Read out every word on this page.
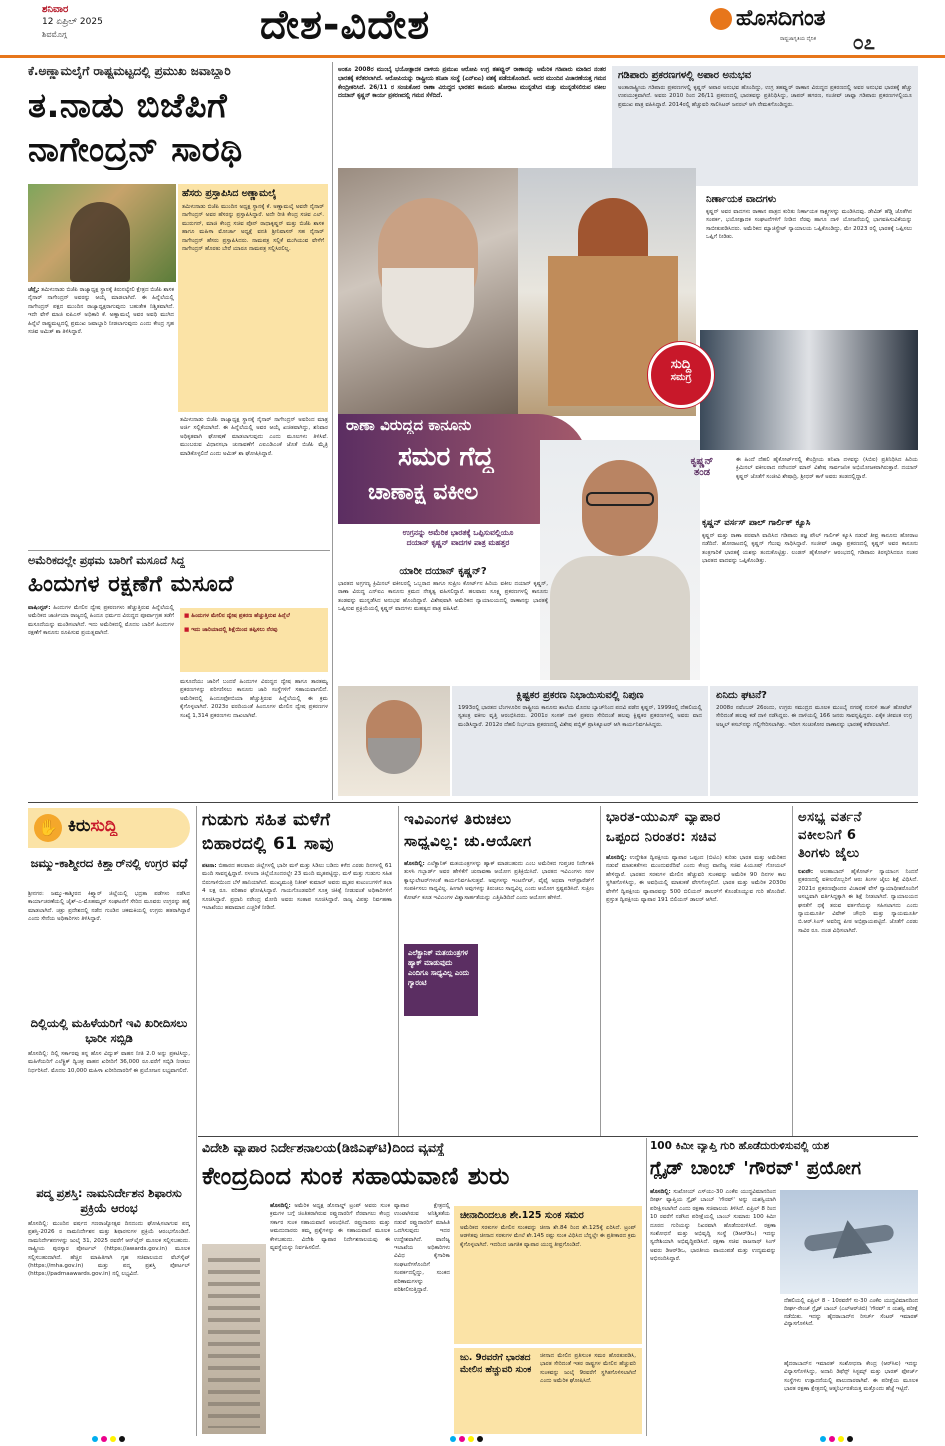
ಶನಿವಾರ
12 ಏಪ್ರಿಲ್ 2025
ಶಿವಮೊಗ್ಗ	ದೇಶ-ವಿದೇಶ	ಹೊಸದಿಗಂತ
ರಾಷ್ಟ್ರಜಾಗೃತಿಯ ದೈನಿಕ	೦೭
ಕೆ.ಅಣ್ಣಾಮಲೈಗೆ ರಾಷ್ಟ್ರಮಟ್ಟದಲ್ಲಿ ಪ್ರಮುಖ ಜವಾಬ್ದಾರಿ
ತ.ನಾಡು ಬಿಜೆಪಿಗೆ
ನಾಗೇಂದ್ರನ್ ಸಾರಥಿ
ಹೆಸರು ಪ್ರಸ್ತಾಪಿಸಿದ ಅಣ್ಣಾಮಲೈ
ತಮಿಳುನಾಡು ಬಿಜೆಪಿ ಮುಂದಿನ ಅಧ್ಯಕ್ಷ ಸ್ಥಾನಕ್ಕೆ ಕೆ. ಅಣ್ಣಾಮಲೈ ಅವರೇ ನೈನಾರ್ ನಾಗೇಂದ್ರನ್ ಅವರ ಹೆಸರನ್ನು ಪ್ರಸ್ತಾಪಿಸಿದ್ದಾರೆ. ಅದೇ ರೀತಿ ಕೇಂದ್ರ ಸಚಿವ ಎಲ್. ಮುರುಗನ್, ಮಾಜಿ ಕೇಂದ್ರ ಸಚಿವ ಪೊನ್ ರಾಧಾಕೃಷ್ಣನ್ ಮತ್ತು ಬಿಜೆಪಿ ಶಾಸಕ ಹಾಗೂ ಮಹಿಳಾ ಮೋರ್ಚಾ ಅಧ್ಯಕ್ಷೆ ವನತಿ ಶ್ರೀನಿವಾಸನ್ ಸಹ ನೈನಾರ್ ನಾಗೇಂದ್ರನ್ ಹೆಸರು ಪ್ರಸ್ತಾಪಿಸಿದರು. ನಾಮಪತ್ರ ಸಲ್ಲಿಕೆ ಮುಗಿಯುವ ವೇಳೆಗೆ ನಾಗೇಂದ್ರನ್ ಹೊರತು ಬೇರೆ ಯಾರೂ ನಾಮಪತ್ರ ಸಲ್ಲಿಸಿರಲಿಲ್ಲ.
ಚೆನ್ನೈ: ತಮಿಳುನಾಡು ಬಿಜೆಪಿ ರಾಜ್ಯಾಧ್ಯಕ್ಷ ಸ್ಥಾನಕ್ಕೆ ತಿರುನಲ್ವೇಲಿ ಕ್ಷೇತ್ರದ ಬಿಜೆಪಿ ಶಾಸಕ ನೈನಾರ್ ನಾಗೇಂದ್ರನ್ ಅವರನ್ನು ಆಯ್ಕೆ ಮಾಡಲಾಗಿದೆ. ಈ ಹಿನ್ನೆಲೆಯಲ್ಲಿ ನಾಗೇಂದ್ರನ್ ಪಕ್ಷದ ಮುಂದಿನ ರಾಜ್ಯಾಧ್ಯಕ್ಷರಾಗುವುದು ಬಹುತೇಕ ನಿಶ್ಚಿತವಾಗಿದೆ. ಇದೇ ವೇಳೆ ಮಾಜಿ ಐಪಿಎಸ್ ಅಧಿಕಾರಿ ಕೆ. ಅಣ್ಣಾಮಲೈ ಅವರ ಅವಧಿ ಮುಗಿದ ಹಿನ್ನೆಲೆ ರಾಷ್ಟ್ರಮಟ್ಟದಲ್ಲಿ ಪ್ರಮುಖ ಜವಾಬ್ದಾರಿ ನೀಡಲಾಗುವುದು ಎಂದು ಕೇಂದ್ರ ಗೃಹ ಸಚಿವ ಅಮಿತ್ ಶಾ ತಿಳಿಸಿದ್ದಾರೆ.
ತಮಿಳುನಾಡು ಬಿಜೆಪಿ ರಾಜ್ಯಾಧ್ಯಕ್ಷ ಸ್ಥಾನಕ್ಕೆ ನೈನಾರ್ ನಾಗೇಂದ್ರನ್ ಅವರಿಂದ ಮಾತ್ರ ಅರ್ಜಿ ಸಲ್ಲಿಕೆಯಾಗಿದೆ. ಈ ಹಿನ್ನೆಲೆಯಲ್ಲಿ ಅವರ ಆಯ್ಕೆ ಖಚಿತವಾಗಿದ್ದು, ಶನಿವಾರ ಅಧಿಕೃತವಾಗಿ ಘೋಷಣೆ ಮಾಡಲಾಗುವುದು ಎಂದು ಮೂಲಗಳು ತಿಳಿಸಿವೆ. ಮುಂಬರುವ ವಿಧಾನಸಭಾ ಚುನಾವಣೆಗೆ ಎಐಎಡಿಎಂಕೆ ಜೊತೆ ಬಿಜೆಪಿ ಮೈತ್ರಿ ಮಾಡಿಕೊಳ್ಳಲಿದೆ ಎಂದು ಅಮಿತ್ ಶಾ ಘೋಷಿಸಿದ್ದಾರೆ.
ಅಮೆರಿಕದಲ್ಲೇ ಪ್ರಥಮ ಬಾರಿಗೆ ಮಸೂದೆ ಸಿದ್ಧ
ಹಿಂದುಗಳ ರಕ್ಷಣೆಗೆ ಮಸೂದೆ
ವಾಷಿಂಗ್ಟನ್: ಹಿಂದುಗಳ ಮೇಲಿನ ದ್ವೇಷ ಪ್ರಕರಣಗಳು ಹೆಚ್ಚುತ್ತಿರುವ ಹಿನ್ನೆಲೆಯಲ್ಲಿ ಅಮೆರಿಕದ ಜಾರ್ಜಿಯಾ ರಾಜ್ಯದಲ್ಲಿ ಹಿಂದೂ ಧರ್ಮದ ವಿರುದ್ಧದ ಪೂರ್ವಾಗ್ರಹ ತಡೆಗೆ ಮಸೂದೆಯನ್ನು ಮಂಡಿಸಲಾಗಿದೆ. ಇದು ಅಮೆರಿಕದಲ್ಲಿ ಮೊದಲ ಬಾರಿಗೆ ಹಿಂದುಗಳ ರಕ್ಷಣೆಗೆ ಕಾನೂನು ರೂಪಿಸುವ ಪ್ರಯತ್ನವಾಗಿದೆ.
■ ಹಿಂದುಗಳ ಮೇಲಿನ ದ್ವೇಷ ಪ್ರಕರಣ ಹೆಚ್ಚುತ್ತಿರುವ ಹಿನ್ನೆಲೆ
■ ಇದು ಜಾರಿಯಾದಲ್ಲಿ ಶಿಕ್ಷೆಯಿಂದ ತಪ್ಪಿಸಲು ನೆರವು
ಮಸೂದೆಯು ಜಾರಿಗೆ ಬಂದರೆ ಹಿಂದುಗಳ ವಿರುದ್ಧದ ದ್ವೇಷ ಹಾಗೂ ತಾರತಮ್ಯ ಪ್ರಕರಣಗಳನ್ನು ಪರಿಗಣಿಸಲು ಕಾನೂನು ಜಾರಿ ಸಂಸ್ಥೆಗಳಿಗೆ ಸಹಾಯವಾಗಲಿದೆ. ಅಮೆರಿಕದಲ್ಲಿ ಹಿಂದೂಫೋಬಿಯಾ ಹೆಚ್ಚುತ್ತಿರುವ ಹಿನ್ನೆಲೆಯಲ್ಲಿ ಈ ಕ್ರಮ ಕೈಗೊಳ್ಳಲಾಗಿದೆ. 2023ರ ವರದಿಯಂತೆ ಹಿಂದೂಗಳ ಮೇಲಿನ ದ್ವೇಷ ಪ್ರಕರಣಗಳ ಸಂಖ್ಯೆ 1,314 ಪ್ರಕರಣಗಳು ದಾಖಲಾಗಿವೆ.
ಅಂತೂ 2008ರ ಮುಂಬೈ ಭಯೋತ್ಪಾದಕ ದಾಳಿಯ ಪ್ರಮುಖ ಆರೋಪಿ ಉಗ್ರ ತಹವ್ವುರ್ ರಾಣಾನನ್ನು ಅಮೆರಿಕ ಗಡಿಪಾರು ಮಾಡಿದ ನಂತರ ಭಾರತಕ್ಕೆ ಕರೆತರಲಾಗಿದೆ. ಆರೋಪಿಯನ್ನು ರಾಷ್ಟ್ರೀಯ ತನಿಖಾ ಸಂಸ್ಥೆ (ಎನ್ಐಎ) ವಶಕ್ಕೆ ಪಡೆದುಕೊಂಡಿದೆ. ಅದರ ಮುಂದಿನ ವಿಚಾರಣೆಯತ್ತ ಗಮನ ಕೇಂದ್ರೀಕರಿಸಿದೆ. 26/11 ರ ಸಂಚುಕೋರ ರಾಣಾ ವಿರುದ್ಧದ ಭಾರತದ ಕಾನೂನು ಹೋರಾಟ ಮುನ್ನಡೆಸಿದ ಮತ್ತು ಮುನ್ನಡೆಸಲಿರುವ ವಕೀಲ ದಯಾನ್ ಕೃಷ್ಣನ್ ಕಾರ್ಯ ಪ್ರಕರಣದಲ್ಲಿ ಗಮನ ಸೆಳೆದಿದೆ.
ಗಡಿಪಾರು ಪ್ರಕರಣಗಳಲ್ಲಿ ಅಪಾರ ಅನುಭವ
ಅಂತಾರಾಷ್ಟ್ರೀಯ ಗಡಿಪಾರು ಪ್ರಕರಣಗಳಲ್ಲಿ ಕೃಷ್ಣನ್ ಅಪಾರ ಅನುಭವ ಹೊಂದಿದ್ದು, ಉಗ್ರ ತಹವ್ವುರ್ ರಾಣಾನ ವಿರುದ್ಧದ ಪ್ರಕರಣದಲ್ಲಿ ಅವರ ಅನುಭವ ಭಾರತಕ್ಕೆ ಹೆಚ್ಚು ಉಪಯುಕ್ತವಾಗಿದೆ. ಅವರು 2010 ರಿಂದ 26/11 ಪ್ರಕರಣದಲ್ಲಿ ಭಾರತವನ್ನು ಪ್ರತಿನಿಧಿಸಿದ್ದು, ಚಾಪರ್ ಹಗರಣ, ಸಂಜೀವ್ ಚಾವ್ಲಾ ಗಡಿಪಾರು ಪ್ರಕರಣಗಳಲ್ಲಿಯೂ ಪ್ರಮುಖ ಪಾತ್ರ ವಹಿಸಿದ್ದಾರೆ. 2014ರಲ್ಲಿ ಹೆಚ್ಚುವರಿ ಸಾಲಿಸಿಟರ್ ಜನರಲ್ ಆಗಿ ನೇಮಕಗೊಂಡಿದ್ದರು.
ನಿರ್ಣಾಯಕ ವಾದಗಳು
ಕೃಷ್ಣನ್ ಅವರ ವಾದಗಳು ರಾಣಾನ ಪಾತ್ರದ ಕುರಿತು ನಿರ್ಣಾಯಕ ಸಾಕ್ಷ್ಯಗಳನ್ನು ಮಂಡಿಸಿದವು. ಡೇವಿಡ್ ಹೆಡ್ಲಿ ಜೊತೆಗಿನ ಸಂಪರ್ಕ, ಭಯೋತ್ಪಾದಕ ಸಂಘಟನೆಗಳಿಗೆ ನೀಡಿದ ನೆರವು ಹಾಗೂ ದಾಳಿ ಯೋಜನೆಯಲ್ಲಿ ಭಾಗವಹಿಸುವಿಕೆಯನ್ನು ಸಾಬೀತುಪಡಿಸಿದರು. ಅಮೆರಿಕದ ಮ್ಯಾಜಿಸ್ಟ್ರೇಟ್ ನ್ಯಾಯಾಲಯ ಒಪ್ಪಿಕೊಂಡಿದ್ದು, ಮೇ 2023 ರಲ್ಲಿ ಭಾರತಕ್ಕೆ ಒಪ್ಪಿಸಲು ಒಪ್ಪಿಗೆ ನೀಡಿತು.
ಸುದ್ದಿ
ಸಮಗ್ರ
ರಾಣಾ ವಿರುದ್ಧದ ಕಾನೂನು
ಸಮರ ಗೆದ್ದ
ಚಾಣಾಕ್ಷ ವಕೀಲ
ಉಗ್ರನನ್ನು ಅಮೆರಿಕ ಭಾರತಕ್ಕೆ ಒಪ್ಪಿಸುವಲ್ಲಿಯೂ
ದಯಾನ್ ಕೃಷ್ಣನ್ ವಾದಗಳ ಪಾತ್ರ ಮಹತ್ತರ
ಯಾರೀ ದಯಾನ್ ಕೃಷ್ಣನ್?
ಭಾರತದ ಅಗ್ರಗಣ್ಯ ಕ್ರಿಮಿನಲ್ ವಕೀಲರಲ್ಲಿ ಒಬ್ಬರಾದ ಹಾಗೂ ಸುಪ್ರೀಂ ಕೋರ್ಟ್‌ನ ಹಿರಿಯ ವಕೀಲ ದಯಾನ್ ಕೃಷ್ಣನ್, ರಾಣಾ ವಿರುದ್ಧ ಎನ್ಐಎ ಕಾನೂನು ಕ್ರಮದ ನೇತೃತ್ವ ವಹಿಸಲಿದ್ದಾರೆ. ಹಲವಾರು ಸೂಕ್ಷ್ಮ ಪ್ರಕರಣಗಳಲ್ಲಿ ಕಾನೂನು ತಂಡವನ್ನು ಮುನ್ನಡೆಸಿದ ಅನುಭವ ಹೊಂದಿದ್ದಾರೆ. ವಿಶೇಷವಾಗಿ ಅಮೆರಿಕದ ನ್ಯಾಯಾಲಯದಲ್ಲಿ ರಾಣಾನನ್ನು ಭಾರತಕ್ಕೆ ಒಪ್ಪಿಸುವ ಪ್ರಕ್ರಿಯೆಯಲ್ಲಿ ಕೃಷ್ಣನ್ ವಾದಗಳು ಮಹತ್ವದ ಪಾತ್ರ ವಹಿಸಿವೆ.
ಕೃಷ್ಣನ್
ತಂಡ
ಈ ಹಿಂದೆ ದೆಹಲಿ ಹೈಕೋರ್ಟ್‌ನಲ್ಲಿ ಕೇಂದ್ರೀಯ ತನಿಖಾ ದಳವನ್ನು (ಸಿಬಿಐ) ಪ್ರತಿನಿಧಿಸಿದ ಹಿರಿಯ ಕ್ರಿಮಿನಲ್ ವಕೀಲರಾದ ನರೇಂದರ್ ಮಾನ್ ವಿಶೇಷ ಸಾರ್ವಜನಿಕ ಅಭಿಯೋಜಕರಾಗಿರುತ್ತಾರೆ. ದಯಾನ್ ಕೃಷ್ಣನ್ ಜೊತೆಗೆ ಸಂಜೀವಿ ಶೇಷಾದ್ರಿ, ಶ್ರೀಧರ್ ಕಾಳೆ ಅವರು ತಂಡದಲ್ಲಿದ್ದಾರೆ.
ಕೃಷ್ಣನ್ ವರ್ಸಸ್ ಪಾಲ್ ಗಾರ್ಲಿಕ್ ಕ್ಯೂಸಿ
ಕೃಷ್ಣನ್ ಮತ್ತು ರಾಣಾ ಪರವಾಗಿ ವಾದಿಸಿದ ಗಡಿಪಾರು ತಜ್ಞ ಪೌಲ್ ಗಾರ್ಲಿಕ್ ಕ್ಯೂಸಿ ನಡುವೆ ತೀವ್ರ ಕಾನೂನು ಹೋರಾಟ ನಡೆದಿದೆ. ಹೋರಾಟದಲ್ಲಿ ಕೃಷ್ಣನ್ ಗೆಲುವು ಸಾಧಿಸಿದ್ದಾರೆ. ಸಂಜೀವ್ ಚಾವ್ಲಾ ಪ್ರಕರಣದಲ್ಲಿ ಕೃಷ್ಣನ್ ಅವರ ಕಾನೂನು ತಂತ್ರಗಾರಿಕೆ ಭಾರತಕ್ಕೆ ಯಶಸ್ಸು ತಂದುಕೊಟ್ಟಿತ್ತು. ಲಂಡನ್ ಹೈಕೋರ್ಟ್ ಆರಂಭದಲ್ಲಿ ಗಡಿಪಾರು ತಿರಸ್ಕರಿಸಿದರೂ ನಂತರ ಭಾರತದ ವಾದವನ್ನು ಒಪ್ಪಿಕೊಂಡಿತ್ತು.
ಕ್ಲಿಷ್ಟಕರ ಪ್ರಕರಣ ನಿಭಾಯಿಸುವಲ್ಲಿ ನಿಪುಣ
1993ರಲ್ಲಿ ಭಾರತದ ಬೆಂಗಳೂರಿನ ರಾಷ್ಟ್ರೀಯ ಕಾನೂನು ಶಾಲೆಯ ಮೊದಲ ಬ್ಯಾಚ್‌ನಿಂದ ಪದವಿ ಪಡೆದ ಕೃಷ್ಣನ್, 1999ರಲ್ಲಿ ದೆಹಲಿಯಲ್ಲಿ ಸ್ವತಂತ್ರ ವಕೀಲ ವೃತ್ತಿ ಆರಂಭಿಸಿದರು. 2001ರ ಸಂಸತ್ ದಾಳಿ ಪ್ರಕರಣ ಸೇರಿದಂತೆ ಹಲವು ಕ್ಲಿಷ್ಟಕರ ಪ್ರಕರಣಗಳಲ್ಲಿ ಅವರು ವಾದ ಮಂಡಿಸಿದ್ದಾರೆ. 2012ರ ದೆಹಲಿ ನಿರ್ಭಯಾ ಪ್ರಕರಣದಲ್ಲಿ ವಿಶೇಷ ಪಬ್ಲಿಕ್ ಪ್ರಾಸಿಕ್ಯೂಟರ್ ಆಗಿ ಕಾರ್ಯನಿರ್ವಹಿಸಿದ್ದರು.
ಏನಿದು ಘಟನೆ?
2008ರ ನವೆಂಬರ್ 26ರಂದು, ಉಗ್ರರು ಸಮುದ್ರದ ಮೂಲಕ ಮುಂಬೈ ನಗರಕ್ಕೆ ನುಸುಳಿ ತಾಜ್ ಹೋಟೆಲ್ ಸೇರಿದಂತೆ ಹಲವು ಕಡೆ ದಾಳಿ ನಡೆಸಿದ್ದರು. ಈ ದಾಳಿಯಲ್ಲಿ 166 ಜನರು ಸಾವನ್ನಪ್ಪಿದ್ದರು. ಏಕೈಕ ಜೀವಂತ ಉಗ್ರ ಅಜ್ಮಲ್ ಕಸಬ್‌ನನ್ನು ಗಲ್ಲಿಗೇರಿಸಲಾಗಿತ್ತು. ಇದೀಗ ಸಂಚುಕೋರ ರಾಣಾನನ್ನು ಭಾರತಕ್ಕೆ ಕರೆತರಲಾಗಿದೆ.
✋ ಕಿರುಸುದ್ದಿ
ಜಮ್ಮು-ಕಾಶ್ಮೀರದ ಕಿಶ್ತ್ವಾರ್‌ನಲ್ಲಿ ಉಗ್ರರ ವಧೆ
ಶ್ರೀನಗರ: ಜಮ್ಮು-ಕಾಶ್ಮೀರದ ಕಿಶ್ತ್ವಾರ್ ಜಿಲ್ಲೆಯಲ್ಲಿ ಭದ್ರತಾ ಪಡೆಗಳು ನಡೆಸಿದ ಕಾರ್ಯಾಚರಣೆಯಲ್ಲಿ ಜೈಶ್-ಎ-ಮೊಹಮ್ಮದ್ ಸಂಘಟನೆಗೆ ಸೇರಿದ ಮೂವರು ಉಗ್ರರನ್ನು ಹತ್ಯೆ ಮಾಡಲಾಗಿದೆ. ಚತ್ರು ಪ್ರದೇಶದಲ್ಲಿ ನಡೆದ ಗುಂಡಿನ ಚಕಮಕಿಯಲ್ಲಿ ಉಗ್ರರು ಹತರಾಗಿದ್ದಾರೆ ಎಂದು ಸೇನೆಯ ಅಧಿಕಾರಿಗಳು ತಿಳಿಸಿದ್ದಾರೆ.
ದಿಲ್ಲಿಯಲ್ಲಿ ಮಹಿಳೆಯರಿಗೆ ಇವಿ ಖರೀದಿಸಲು ಭಾರೀ ಸಬ್ಸಿಡಿ
ಹೊಸದಿಲ್ಲಿ: ದಿಲ್ಲಿ ಸರ್ಕಾರವು ತನ್ನ ಹೊಸ ವಿದ್ಯುತ್ ವಾಹನ ನೀತಿ 2.0 ಅನ್ನು ಪ್ರಕಟಿಸಿದ್ದು, ಮಹಿಳೆಯರಿಗೆ ಎಲೆಕ್ಟ್ರಿಕ್ ದ್ವಿಚಕ್ರ ವಾಹನ ಖರೀದಿಗೆ 36,000 ರೂ.ವರೆಗೆ ಸಬ್ಸಿಡಿ ನೀಡಲು ನಿರ್ಧರಿಸಿದೆ. ಮೊದಲ 10,000 ಮಹಿಳಾ ಖರೀದಿದಾರರಿಗೆ ಈ ಪ್ರಯೋಜನ ಲಭ್ಯವಾಗಲಿದೆ.
ಪದ್ಮ ಪ್ರಶಸ್ತಿ: ನಾಮನಿರ್ದೇಶನ ಶಿಫಾರಸು ಪ್ರಕ್ರಿಯೆ ಆರಂಭ
ಹೊಸದಿಲ್ಲಿ: ಮುಂದಿನ ವರ್ಷದ ಗಣರಾಜ್ಯೋತ್ಸವ ದಿನದಂದು ಘೋಷಿಸಲಾಗುವ ಪದ್ಮ ಪ್ರಶಸ್ತಿ-2026 ರ ನಾಮನಿರ್ದೇಶನ ಮತ್ತು ಶಿಫಾರಸುಗಳ ಪ್ರಕ್ರಿಯೆ ಆರಂಭಗೊಂಡಿದೆ. ನಾಮನಿರ್ದೇಶನಗಳನ್ನು ಜುಲೈ 31, 2025 ರವರೆಗೆ ಆನ್‌ಲೈನ್ ಮೂಲಕ ಸಲ್ಲಿಸಬಹುದು. ರಾಷ್ಟ್ರೀಯ ಪುರಸ್ಕಾರ ಪೋರ್ಟಲ್ (https://awards.gov.in) ಮೂಲಕ ಸಲ್ಲಿಸಬಹುದಾಗಿದೆ. ಹೆಚ್ಚಿನ ಮಾಹಿತಿಗಾಗಿ ಗೃಹ ಸಚಿವಾಲಯದ ವೆಬ್‌ಸೈಟ್‌ (https://mha.gov.in) ಮತ್ತು ಪದ್ಮ ಪ್ರಶಸ್ತಿ ಪೋರ್ಟಲ್ (https://padmaawards.gov.in) ನಲ್ಲಿ ಲಭ್ಯವಿದೆ.
ಗುಡುಗು ಸಹಿತ ಮಳೆಗೆ
ಬಿಹಾರದಲ್ಲಿ 61 ಸಾವು
ಪಟನಾ: ಬಿಹಾರದ ಹಲವಾರು ಜಿಲ್ಲೆಗಳಲ್ಲಿ ಭಾರೀ ಮಳೆ ಮತ್ತು ಸಿಡಿಲು ಬಡಿದು ಕಳೆದ ಎರಡು ದಿನಗಳಲ್ಲಿ 61 ಮಂದಿ ಸಾವನ್ನಪ್ಪಿದ್ದಾರೆ. ನಳಂದಾ ಜಿಲ್ಲೆಯೊಂದರಲ್ಲೇ 23 ಮಂದಿ ಮೃತಪಟ್ಟಿದ್ದು, ಮಳೆ ಮತ್ತು ಗುಡುಗು ಸಹಿತ ಬಿರುಗಾಳಿಯಿಂದ ಬೆಳೆ ಹಾನಿಯಾಗಿದೆ. ಮುಖ್ಯಮಂತ್ರಿ ನಿತೀಶ್ ಕುಮಾರ್ ಅವರು ಮೃತರ ಕುಟುಂಬಗಳಿಗೆ ತಲಾ 4 ಲಕ್ಷ ರೂ. ಪರಿಹಾರ ಘೋಷಿಸಿದ್ದಾರೆ. ಗಾಯಗೊಂಡವರಿಗೆ ಸೂಕ್ತ ಚಿಕಿತ್ಸೆ ನೀಡುವಂತೆ ಅಧಿಕಾರಿಗಳಿಗೆ ಸೂಚಿಸಿದ್ದಾರೆ. ಪ್ರಧಾನಿ ನರೇಂದ್ರ ಮೋದಿ ಅವರು ಸಂತಾಪ ಸೂಚಿಸಿದ್ದಾರೆ. ರಾಜ್ಯ ವಿಪತ್ತು ನಿರ್ವಹಣಾ ಇಲಾಖೆಯು ಹವಾಮಾನ ಎಚ್ಚರಿಕೆ ನೀಡಿದೆ.
ಇವಿಎಂಗಳ ತಿರುಚಲು
ಸಾಧ್ಯವಿಲ್ಲ: ಚು.ಆಯೋಗ
ಹೊಸದಿಲ್ಲಿ: ಎಲೆಕ್ಟ್ರಾನಿಕ್ ಮತಯಂತ್ರಗಳನ್ನು ಹ್ಯಾಕ್ ಮಾಡಬಹುದು ಎಂಬ ಅಮೆರಿಕದ ಗುಪ್ತಚರ ನಿರ್ದೇಶಕಿ ತುಳಸಿ ಗಬ್ಬಾರ್ಡ್ ಅವರ ಹೇಳಿಕೆಗೆ ಚುನಾವಣಾ ಆಯೋಗ ಪ್ರತಿಕ್ರಿಯಿಸಿದೆ. ಭಾರತದ ಇವಿಎಂಗಳು ಸರಳ ಕ್ಯಾಲ್ಕುಲೇಟರ್‌ಗಳಂತೆ ಕಾರ್ಯನಿರ್ವಹಿಸುತ್ತವೆ. ಅವುಗಳನ್ನು ಇಂಟರ್ನೆಟ್, ವೈಫೈ ಅಥವಾ ಇನ್‌ಫ್ರಾರೆಡ್‌ಗೆ ಸಂಪರ್ಕಿಸಲು ಸಾಧ್ಯವಿಲ್ಲ. ಹೀಗಾಗಿ ಅವುಗಳನ್ನು ತಿರುಚಲು ಸಾಧ್ಯವಿಲ್ಲ ಎಂದು ಆಯೋಗ ಸ್ಪಷ್ಟಪಡಿಸಿದೆ. ಸುಪ್ರೀಂ ಕೋರ್ಟ್ ಕೂಡ ಇವಿಎಂಗಳ ವಿಶ್ವಾಸಾರ್ಹತೆಯನ್ನು ಎತ್ತಿಹಿಡಿದಿದೆ ಎಂದು ಆಯೋಗ ಹೇಳಿದೆ.
ಎಲೆಕ್ಟ್ರಾನಿಕ್ ಮತಯಂತ್ರಗಳ ಹ್ಯಾಕ್ ಮಾಡುವುದು ಎಂದಿಗೂ ಸಾಧ್ಯವಿಲ್ಲ ಎಂದು ಗ್ಯಾರಂಟಿ
ಭಾರತ-ಯುಎಸ್ ವ್ಯಾಪಾರ
ಒಪ್ಪಂದ ನಿರಂತರ: ಸಚಿವ
ಹೊಸದಿಲ್ಲಿ: ಉದ್ದೇಶಿತ ದ್ವಿಪಕ್ಷೀಯ ವ್ಯಾಪಾರ ಒಪ್ಪಂದ (ಬಿಟಿಎ) ಕುರಿತು ಭಾರತ ಮತ್ತು ಅಮೆರಿಕದ ನಡುವೆ ಮಾತುಕತೆಗಳು ಮುಂದುವರೆದಿವೆ ಎಂದು ಕೇಂದ್ರ ವಾಣಿಜ್ಯ ಸಚಿವ ಪಿಯೂಷ್ ಗೋಯಲ್ ಹೇಳಿದ್ದಾರೆ. ಭಾರತದ ಸರಕುಗಳ ಮೇಲಿನ ಹೆಚ್ಚುವರಿ ಸುಂಕವನ್ನು ಅಮೆರಿಕ 90 ದಿನಗಳ ಕಾಲ ಸ್ಥಗಿತಗೊಳಿಸಿದ್ದು, ಈ ಅವಧಿಯಲ್ಲಿ ಮಾತುಕತೆ ವೇಗಗೊಳ್ಳಲಿದೆ. ಭಾರತ ಮತ್ತು ಅಮೆರಿಕ 2030ರ ವೇಳೆಗೆ ದ್ವಿಪಕ್ಷೀಯ ವ್ಯಾಪಾರವನ್ನು 500 ಬಿಲಿಯನ್ ಡಾಲರ್‌ಗೆ ಕೊಂಡೊಯ್ಯುವ ಗುರಿ ಹೊಂದಿವೆ. ಪ್ರಸ್ತುತ ದ್ವಿಪಕ್ಷೀಯ ವ್ಯಾಪಾರ 191 ಬಿಲಿಯನ್ ಡಾಲರ್ ಆಗಿದೆ.
ಅಸಭ್ಯ ವರ್ತನೆ
ವಕೀಲನಿಗೆ 6
ತಿಂಗಳು ಜೈಲು
ಲಖನೌ: ಅಲಹಾಬಾದ್ ಹೈಕೋರ್ಟ್ ನ್ಯಾಯಾಂಗ ನಿಂದನೆ ಪ್ರಕರಣದಲ್ಲಿ ವಕೀಲರೊಬ್ಬರಿಗೆ ಆರು ತಿಂಗಳ ಜೈಲು ಶಿಕ್ಷೆ ವಿಧಿಸಿದೆ. 2021ರ ಪ್ರಕರಣವೊಂದರ ವಿಚಾರಣೆ ವೇಳೆ ನ್ಯಾಯಾಧೀಶರೊಂದಿಗೆ ಅಸಭ್ಯವಾಗಿ ವರ್ತಿಸಿದ್ದಕ್ಕಾಗಿ ಈ ಶಿಕ್ಷೆ ನೀಡಲಾಗಿದೆ. ನ್ಯಾಯಾಲಯದ ಘನತೆಗೆ ಧಕ್ಕೆ ತರುವ ವರ್ತನೆಯನ್ನು ಸಹಿಸಲಾಗದು ಎಂದು ನ್ಯಾಯಮೂರ್ತಿ ವಿವೇಕ್ ಚೌಧರಿ ಮತ್ತು ನ್ಯಾಯಮೂರ್ತಿ ಬಿ.ಆರ್.ಸಿಂಗ್ ಅವರಿದ್ದ ಪೀಠ ಅಭಿಪ್ರಾಯಪಟ್ಟಿದೆ. ಜೊತೆಗೆ ಎರಡು ಸಾವಿರ ರೂ. ದಂಡ ವಿಧಿಸಲಾಗಿದೆ.
ವಿದೇಶಿ ವ್ಯಾಪಾರ ನಿರ್ದೇಶನಾಲಯ(ಡಿಜಿಎಫ್‌ಟಿ)ದಿಂದ ವ್ಯವಸ್ಥೆ
ಕೇಂದ್ರದಿಂದ ಸುಂಕ ಸಹಾಯವಾಣಿ ಶುರು
ಹೊಸದಿಲ್ಲಿ: ಅಮೆರಿಕ ಅಧ್ಯಕ್ಷ ಡೊನಾಲ್ಡ್ ಟ್ರಂಪ್ ಅವರು ಸುಂಕ ಕ್ರಮಗಳ ಬಗ್ಗೆ ಚಿಂತಿತರಾಗಿರುವ ರಫ್ತುದಾರರಿಗೆ ನೆರವಾಗಲು ಕೇಂದ್ರ ಸರ್ಕಾರ ಸುಂಕ ಸಹಾಯವಾಣಿ ಆರಂಭಿಸಿದೆ. ರಫ್ತುದಾರರು ಮತ್ತು ಆಮದುದಾರರು ತಮ್ಮ ಪ್ರಶ್ನೆಗಳನ್ನು ಈ ಸಹಾಯವಾಣಿ ಮೂಲಕ ಕೇಳಬಹುದು. ವಿದೇಶಿ ವ್ಯಾಪಾರ ನಿರ್ದೇಶನಾಲಯವು ಈ ವ್ಯವಸ್ಥೆಯನ್ನು ನಿರ್ವಹಿಸಲಿದೆ.
ವ್ಯಾಪಾರ ಕ್ಷೇತ್ರದಲ್ಲಿ ಉಂಟಾಗಿರುವ ಅನಿಶ್ಚಿತತೆಯ ನಡುವೆ ರಫ್ತುದಾರರಿಗೆ ಮಾಹಿತಿ ಒದಗಿಸುವುದು ಇದರ ಉದ್ದೇಶವಾಗಿದೆ. ವಾಣಿಜ್ಯ ಇಲಾಖೆಯ ಅಧಿಕಾರಿಗಳು ವಿವಿಧ ಕೈಗಾರಿಕಾ ಸಂಘಟನೆಗಳೊಂದಿಗೆ ಸಂಪರ್ಕದಲ್ಲಿದ್ದು, ಸುಂಕದ ಪರಿಣಾಮಗಳನ್ನು ಪರಿಶೀಲಿಸುತ್ತಿದ್ದಾರೆ.
ಚೀನಾದಿಂದಲೂ ಶೇ.125 ಸುಂಕ ಸಮರ
ಅಮೆರಿಕದ ಸರಕುಗಳ ಮೇಲಿನ ಸುಂಕವನ್ನು ಚೀನಾ ಶೇ.84 ರಿಂದ ಶೇ.125ಕ್ಕೆ ಏರಿಸಿದೆ. ಟ್ರಂಪ್ ಆಡಳಿತವು ಚೀನಾದ ಸರಕುಗಳ ಮೇಲೆ ಶೇ.145 ರಷ್ಟು ಸುಂಕ ವಿಧಿಸಿದ ಬೆನ್ನಲ್ಲೇ ಈ ಪ್ರತೀಕಾರದ ಕ್ರಮ ಕೈಗೊಳ್ಳಲಾಗಿದೆ. ಇದರಿಂದ ಜಾಗತಿಕ ವ್ಯಾಪಾರ ಯುದ್ಧ ತೀವ್ರಗೊಂಡಿದೆ.
ಜು. 9ರವರೆಗೆ ಭಾರತದ ಮೇಲಿನ ಹೆಚ್ಚುವರಿ ಸುಂಕ
ಚೀನಾದ ಮೇಲಿನ ಪ್ರತಿಸುಂಕ ಸಮರ ಹೊರತುಪಡಿಸಿ, ಭಾರತ ಸೇರಿದಂತೆ ಇತರ ರಾಷ್ಟ್ರಗಳ ಮೇಲಿನ ಹೆಚ್ಚುವರಿ ಸುಂಕವನ್ನು ಜುಲೈ 9ರವರೆಗೆ ಸ್ಥಗಿತಗೊಳಿಸಲಾಗಿದೆ ಎಂದು ಅಮೆರಿಕ ಘೋಷಿಸಿದೆ.
100 ಕಿಮೀ ವ್ಯಾಪ್ತಿ ಗುರಿ ಹೊಡೆದುರುಳಿಸುವಲ್ಲಿ ಯಶ
ಗ್ಲೈಡ್ ಬಾಂಬ್ 'ಗೌರವ್' ಪ್ರಯೋಗ
ಹೊಸದಿಲ್ಲಿ: ಸುಖೋಯ್ ಎಸ್‌ಯು-30 ಎಂಕೆಐ ಯುದ್ಧವಿಮಾನದಿಂದ ದೀರ್ಘ ವ್ಯಾಪ್ತಿಯ ಗ್ಲೈಡ್ ಬಾಂಬ್ 'ಗೌರವ್' ಅನ್ನು ಯಶಸ್ವಿಯಾಗಿ ಪರೀಕ್ಷಿಸಲಾಗಿದೆ ಎಂದು ರಕ್ಷಣಾ ಸಚಿವಾಲಯ ತಿಳಿಸಿದೆ. ಏಪ್ರಿಲ್ 8 ರಿಂದ 10 ರವರೆಗೆ ನಡೆಸಿದ ಪರೀಕ್ಷೆಯಲ್ಲಿ ಬಾಂಬ್ ಸುಮಾರು 100 ಕಿಮೀ ದೂರದ ಗುರಿಯನ್ನು ನಿಖರವಾಗಿ ಹೊಡೆದುರುಳಿಸಿದೆ. ರಕ್ಷಣಾ ಸಂಶೋಧನೆ ಮತ್ತು ಅಭಿವೃದ್ಧಿ ಸಂಸ್ಥೆ (ಡಿಆರ್‌ಡಿಒ) ಇದನ್ನು ಸ್ವದೇಶಿಯಾಗಿ ಅಭಿವೃದ್ಧಿಪಡಿಸಿದೆ. ರಕ್ಷಣಾ ಸಚಿವ ರಾಜನಾಥ್ ಸಿಂಗ್ ಅವರು ಡಿಆರ್‌ಡಿಒ, ಭಾರತೀಯ ವಾಯುಪಡೆ ಮತ್ತು ಉದ್ಯಮವನ್ನು ಅಭಿನಂದಿಸಿದ್ದಾರೆ.
ದೆಹಲಿಯಲ್ಲಿ ಏಪ್ರಿಲ್ 8 - 10ರವರೆಗೆ ಸು-30 ಎಂಕೆಐ ಯುದ್ಧವಿಮಾನದಿಂದ ದೀರ್ಘ-ರೇಂಜ್ ಗ್ಲೈಡ್ ಬಾಂಬ್ (ಎಲ್ಆರ್‌ಜಿಬಿ) 'ಗೌರವ್' ನ ಯಶಸ್ವಿ ಪರೀಕ್ಷೆ ನಡೆಯಿತು. ಇದನ್ನು ಹೈದರಾಬಾದ್‌ನ ರಿಸರ್ಚ್ ಸೆಂಟರ್ ಇಮಾರತ್ ವಿನ್ಯಾಸಗೊಳಿಸಿದೆ.
ಹೈದರಾಬಾದ್‌ನ ಇಮಾರತ್ ಸಂಶೋಧನಾ ಕೇಂದ್ರ (ಆರ್‌ಸಿಐ) ಇದನ್ನು ವಿನ್ಯಾಸಗೊಳಿಸಿದ್ದು, ಅದಾನಿ ಡಿಫೆನ್ಸ್ ಸಿಸ್ಟಮ್ಸ್ ಮತ್ತು ಭಾರತ್ ಫೋರ್ಜ್ ಸಂಸ್ಥೆಗಳು ಉತ್ಪಾದನೆಯಲ್ಲಿ ಪಾಲುದಾರರಾಗಿವೆ. ಈ ಪರೀಕ್ಷೆಯ ಮೂಲಕ ಭಾರತ ರಕ್ಷಣಾ ಕ್ಷೇತ್ರದಲ್ಲಿ ಆತ್ಮನಿರ್ಭರತೆಯತ್ತ ಮತ್ತೊಂದು ಹೆಜ್ಜೆ ಇಟ್ಟಿದೆ.
